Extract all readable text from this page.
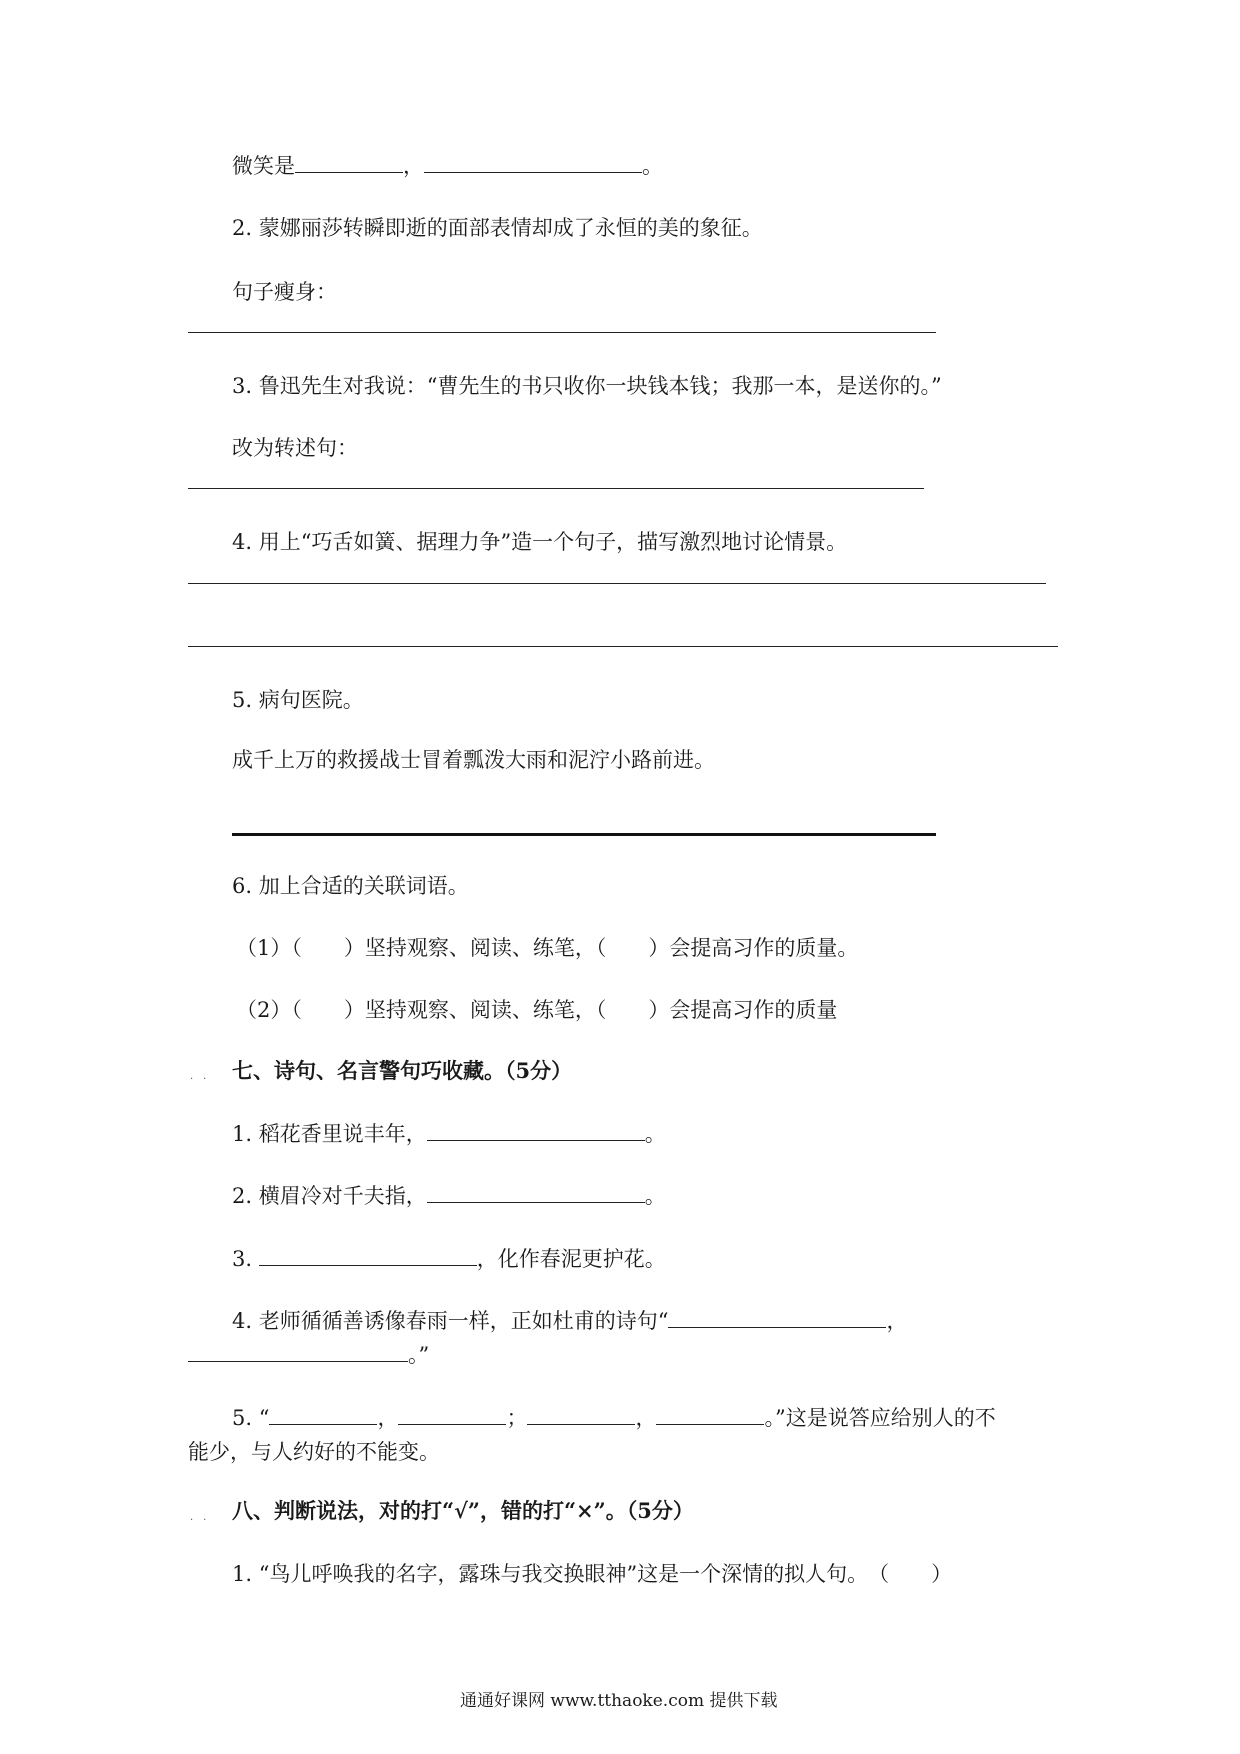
微笑是	，	。
2. 蒙娜丽莎转瞬即逝的面部表情却成了永恒的美的象征。
句子瘦身：
3. 鲁迅先生对我说：“曹先生的书只收你一块钱本钱；我那一本，是送你的。”
改为转述句：
4. 用上“巧舌如簧、据理力争”造一个句子，描写激烈地讨论情景。
5. 病句医院。
成千上万的救援战士冒着瓢泼大雨和泥泞小路前进。
6. 加上合适的关联词语。
（1）（　　）坚持观察、阅读、练笔，（　　）会提高习作的质量。
（2）（　　）坚持观察、阅读、练笔，（　　）会提高习作的质量
·· 七、诗句、名言警句巧收藏。（5分）
1. 稻花香里说丰年，	。
2. 横眉冷对千夫指，	。
3.	，化作春泥更护花。
4. 老师循循善诱像春雨一样，正如杜甫的诗句“	，
。”
5. “	，	；	，	。”这是说答应给别人的不
能少，与人约好的不能变。
·· 八、判断说法，对的打“√”，错的打“×”。（5分）
1. “鸟儿呼唤我的名字，露珠与我交换眼神”这是一个深情的拟人句。　（　　）
通通好课网 www.tthaoke.com 提供下载
